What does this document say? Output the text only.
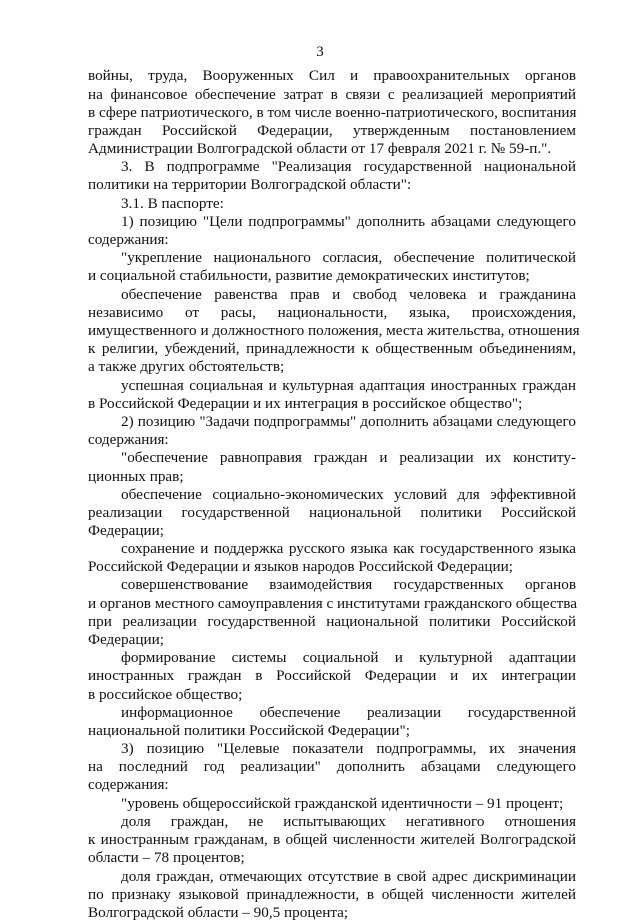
3
войны, труда, Вооруженных Сил и правоохранительных органов
на финансовое обеспечение затрат в связи с реализацией мероприятий
в сфере патриотического, в том числе военно-патриотического, воспитания
граждан Российской Федерации, утвержденным постановлением
Администрации Волгоградской области от 17 февраля 2021 г. № 59-п.".
3. В подпрограмме "Реализация государственной национальной
политики на территории Волгоградской области":
3.1. В паспорте:
1) позицию "Цели подпрограммы" дополнить абзацами следующего
содержания:
"укрепление национального согласия, обеспечение политической
и социальной стабильности, развитие демократических институтов;
обеспечение равенства прав и свобод человека и гражданина
независимо от расы, национальности, языка, происхождения,
имущественного и должностного положения, места жительства, отношения
к религии, убеждений, принадлежности к общественным объединениям,
а также других обстоятельств;
успешная социальная и культурная адаптация иностранных граждан
в Российской Федерации и их интеграция в российское общество";
2) позицию "Задачи подпрограммы" дополнить абзацами следующего
содержания:
"обеспечение равноправия граждан и реализации их конститу-
ционных прав;
обеспечение социально-экономических условий для эффективной
реализации государственной национальной политики Российской
Федерации;
сохранение и поддержка русского языка как государственного языка
Российской Федерации и языков народов Российской Федерации;
совершенствование взаимодействия государственных органов
и органов местного самоуправления с институтами гражданского общества
при реализации государственной национальной политики Российской
Федерации;
формирование системы социальной и культурной адаптации
иностранных граждан в Российской Федерации и их интеграции
в российское общество;
информационное обеспечение реализации государственной
национальной политики Российской Федерации";
3) позицию "Целевые показатели подпрограммы, их значения
на последний год реализации" дополнить абзацами следующего
содержания:
"уровень общероссийской гражданской идентичности – 91 процент;
доля граждан, не испытывающих негативного отношения
к иностранным гражданам, в общей численности жителей Волгоградской
области – 78 процентов;
доля граждан, отмечающих отсутствие в свой адрес дискриминации
по признаку языковой принадлежности, в общей численности жителей
Волгоградской области – 90,5 процента;
